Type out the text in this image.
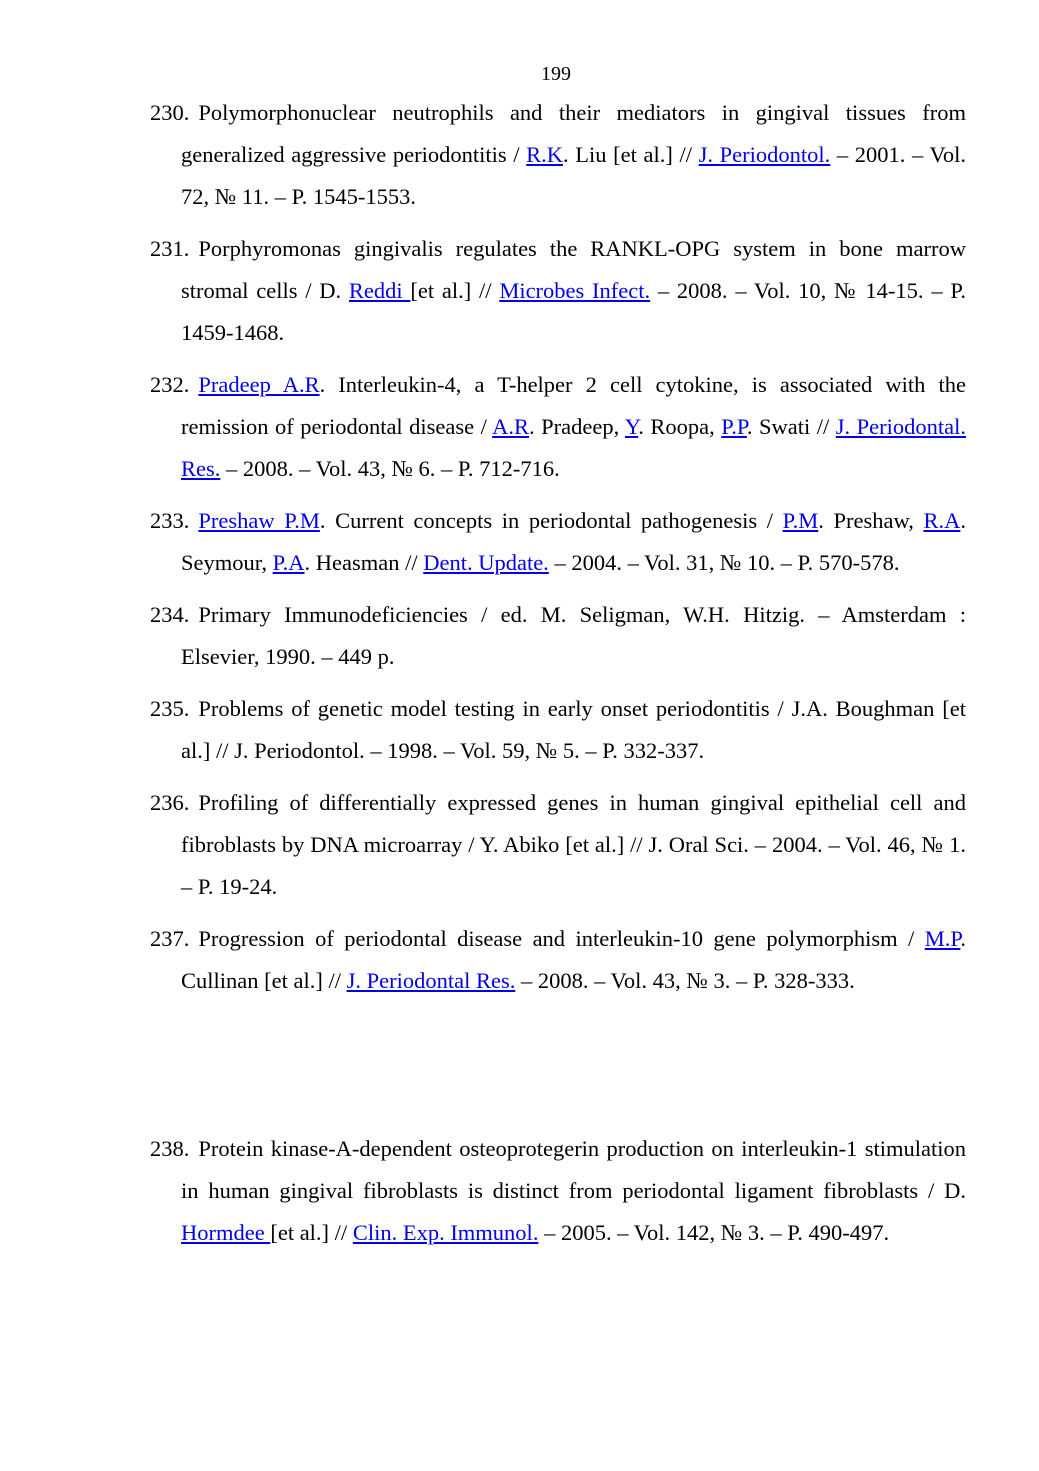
199

230. Polymorphonuclear neutrophils and their mediators in gingival tissues from generalized aggressive periodontitis / R.K. Liu [et al.] // J. Periodontol. – 2001. – Vol. 72, № 11. – P. 1545-1553.

231. Porphyromonas gingivalis regulates the RANKL-OPG system in bone marrow stromal cells / D. Reddi [et al.] // Microbes Infect. – 2008. – Vol. 10, № 14-15. – P. 1459-1468.

232. Pradeep A.R. Interleukin-4, a T-helper 2 cell cytokine, is associated with the remission of periodontal disease / A.R. Pradeep, Y. Roopa, P.P. Swati // J. Periodontal. Res. – 2008. – Vol. 43, № 6. – P. 712-716.

233. Preshaw P.M. Current concepts in periodontal pathogenesis / P.M. Preshaw, R.A. Seymour, P.A. Heasman // Dent. Update. – 2004. – Vol. 31, № 10. – P. 570-578.

234. Primary Immunodeficiencies / ed. M. Seligman, W.H. Hitzig. – Amsterdam : Elsevier, 1990. – 449 p.

235. Problems of genetic model testing in early onset periodontitis / J.A. Boughman [et al.] // J. Periodontol. – 1998. – Vol. 59, № 5. – P. 332-337.

236. Profiling of differentially expressed genes in human gingival epithelial cell and fibroblasts by DNA microarray / Y. Abiko [et al.] // J. Oral Sci. – 2004. – Vol. 46, № 1. – P. 19-24.

237. Progression of periodontal disease and interleukin-10 gene polymorphism / M.P. Cullinan [et al.] // J. Periodontal Res. – 2008. – Vol. 43, № 3. – P. 328-333.

238. Protein kinase-A-dependent osteoprotegerin production on interleukin-1 stimulation in human gingival fibroblasts is distinct from periodontal ligament fibroblasts / D. Hormdee [et al.] // Clin. Exp. Immunol. – 2005. – Vol. 142, № 3. – P. 490-497.
